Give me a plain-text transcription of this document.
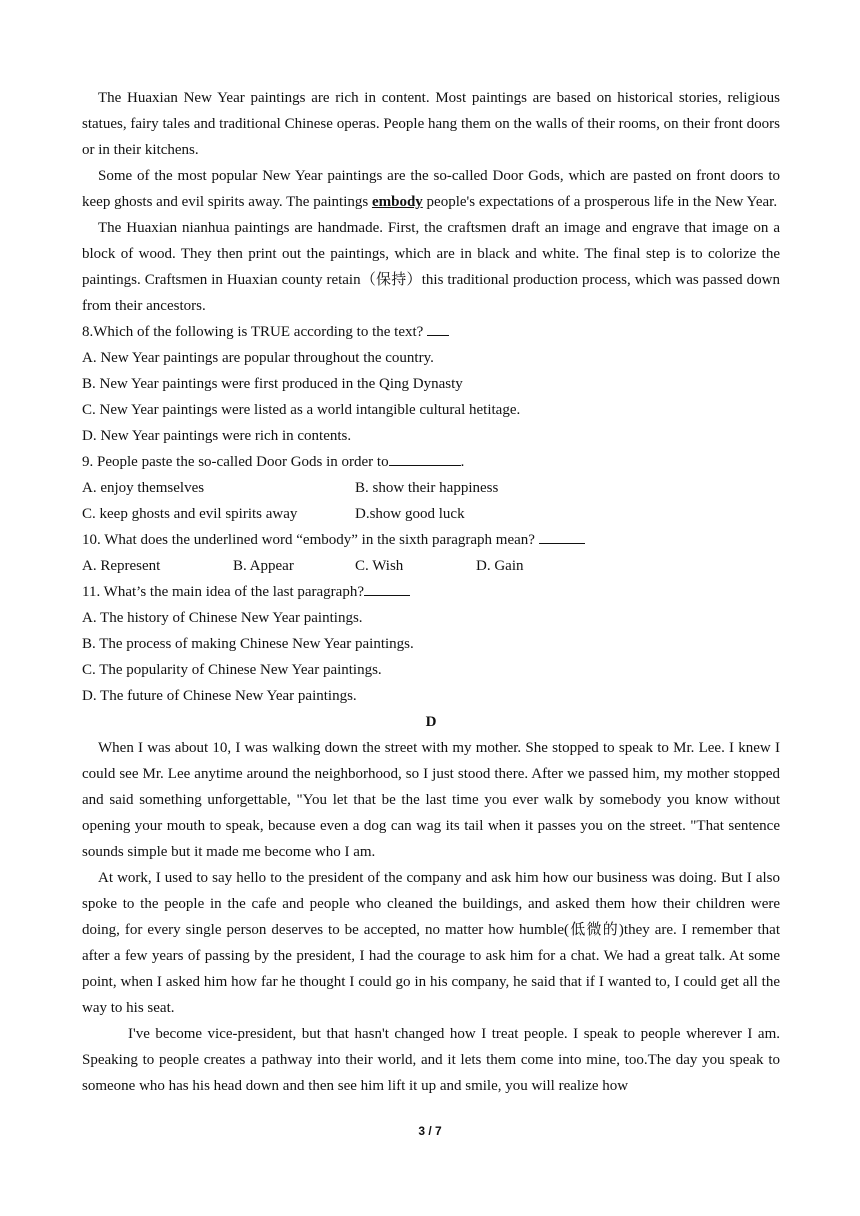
The Huaxian New Year paintings are rich in content. Most paintings are based on historical stories, religious statues, fairy tales and traditional Chinese operas. People hang them on the walls of their rooms, on their front doors or in their kitchens.

Some of the most popular New Year paintings are the so-called Door Gods, which are pasted on front doors to keep ghosts and evil spirits away. The paintings embody people's expectations of a prosperous life in the New Year.

The Huaxian nianhua paintings are handmade. First, the craftsmen draft an image and engrave that image on a block of wood. They then print out the paintings, which are in black and white. The final step is to colorize the paintings. Craftsmen in Huaxian county retain（保持）this traditional production process, which was passed down from their ancestors.

8.Which of the following is TRUE according to the text?

A. New Year paintings are popular throughout the country.

B. New Year paintings were first produced in the Qing Dynasty

C. New Year paintings were listed as a world intangible cultural hetitage.

D. New Year paintings were rich in contents.

9. People paste the so-called Door Gods in order to	.

A. enjoy themselves	B. show their happiness
C. keep ghosts and evil spirits away	D.show good luck

10. What does the underlined word “embody” in the sixth paragraph mean?

A. Represent	B. Appear	C. Wish	D. Gain

11. What’s the main idea of the last paragraph?

A. The history of Chinese New Year paintings.

B. The process of making Chinese New Year paintings.

C. The popularity of Chinese New Year paintings.

D. The future of Chinese New Year paintings.

D

When I was about 10, I was walking down the street with my mother. She stopped to speak to Mr. Lee. I knew I could see Mr. Lee anytime around the neighborhood, so I just stood there. After we passed him, my mother stopped and said something unforgettable, "You let that be the last time you ever walk by somebody you know without opening your mouth to speak, because even a dog can wag its tail when it passes you on the street. "That sentence sounds simple but it made me become who I am.

At work, I used to say hello to the president of the company and ask him how our business was doing. But I also spoke to the people in the cafe and people who cleaned the buildings, and asked them how their children were doing, for every single person deserves to be accepted, no matter how humble(低微的)they are. I remember that after a few years of passing by the president, I had the courage to ask him for a chat. We had a great talk. At some point, when I asked him how far he thought I could go in his company, he said that if I wanted to, I could get all the way to his seat.

I've become vice-president, but that hasn't changed how I treat people. I speak to people wherever I am. Speaking to people creates a pathway into their world, and it lets them come into mine, too.The day you speak to someone who has his head down and then see him lift it up and smile, you will realize how

3 / 7
